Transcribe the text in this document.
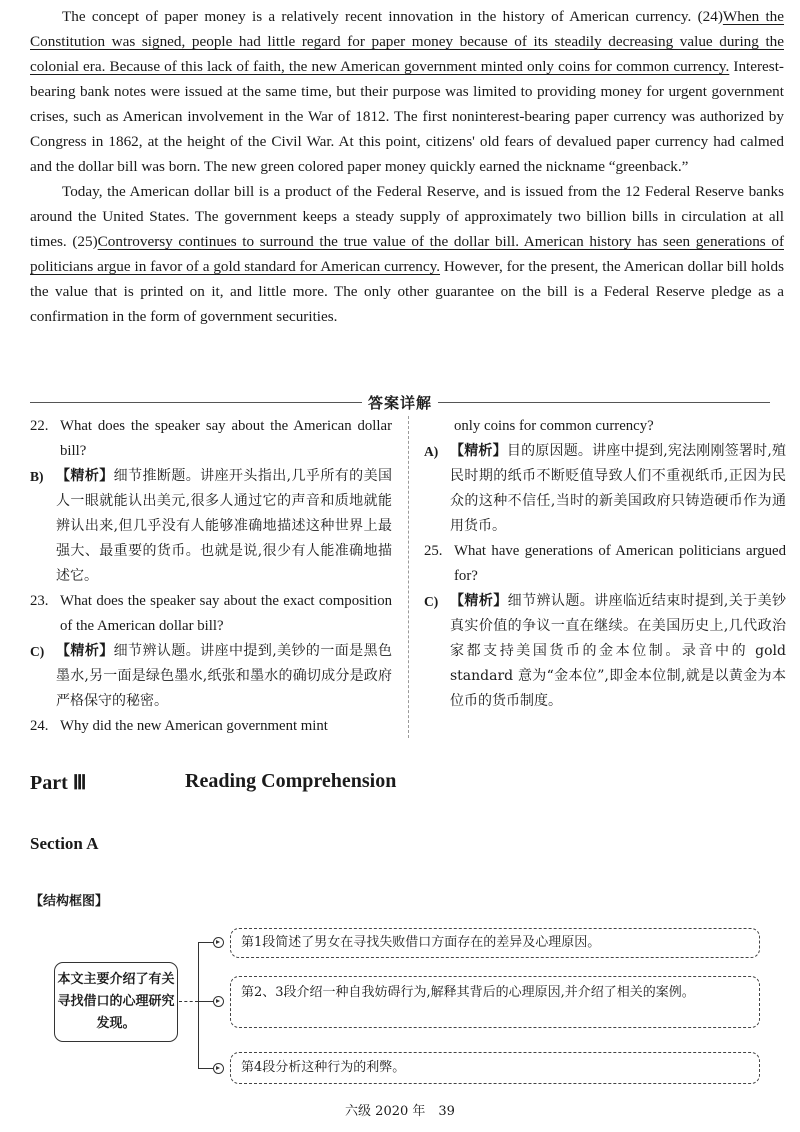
The concept of paper money is a relatively recent innovation in the history of American currency. (24)When the Constitution was signed, people had little regard for paper money because of its steadily decreasing value during the colonial era. Because of this lack of faith, the new American government minted only coins for common currency. Interest-bearing bank notes were issued at the same time, but their purpose was limited to providing money for urgent government crises, such as American involvement in the War of 1812. The first noninterest-bearing paper currency was authorized by Congress in 1862, at the height of the Civil War. At this point, citizens' old fears of devalued paper currency had calmed and the dollar bill was born. The new green colored paper money quickly earned the nickname “greenback.”

Today, the American dollar bill is a product of the Federal Reserve, and is issued from the 12 Federal Reserve banks around the United States. The government keeps a steady supply of approximately two billion bills in circulation at all times. (25)Controversy continues to surround the true value of the dollar bill. American history has seen generations of politicians argue in favor of a gold standard for American currency. However, for the present, the American dollar bill holds the value that is printed on it, and little more. The only other guarantee on the bill is a Federal Reserve pledge as a confirmation in the form of government securities.

答案详解
22. What does the speaker say about the American dollar bill?
B) 【精析】细节推断题。讲座开头指出,几乎所有的美国人一眼就能认出美元,很多人通过它的声音和质地就能辨认出来,但几乎没有人能够准确地描述这种世界上最强大、最重要的货币。也就是说,很少有人能准确地描述它。
23. What does the speaker say about the exact composition of the American dollar bill?
C) 【精析】细节辨认题。讲座中提到,美钞的一面是黑色墨水,另一面是绿色墨水,纸张和墨水的确切成分是政府严格保守的秘密。
24. Why did the new American government mint
only coins for common currency?
A) 【精析】目的原因题。讲座中提到,宪法刚刚签署时,殖民时期的纸币不断贬值导致人们不重视纸币,正因为民众的这种不信任,当时的新美国政府只铸造硬币作为通用货币。
25. What have generations of American politicians argued for?
C) 【精析】细节辨认题。讲座临近结束时提到,关于美钞真实价值的争议一直在继续。在美国历史上,几代政治家都支持美国货币的金本位制。录音中的 gold standard 意为“金本位”,即金本位制,就是以黄金为本位币的货币制度。
Part Ⅲ	Reading Comprehension
Section A
【结构框图】
本文主要介绍了有关寻找借口的心理研究发现。
第1段简述了男女在寻找失败借口方面存在的差异及心理原因。
第2、3段介绍一种自我妨碍行为,解释其背后的心理原因,并介绍了相关的案例。
第4段分析这种行为的利弊。
六级 2020 年　39
